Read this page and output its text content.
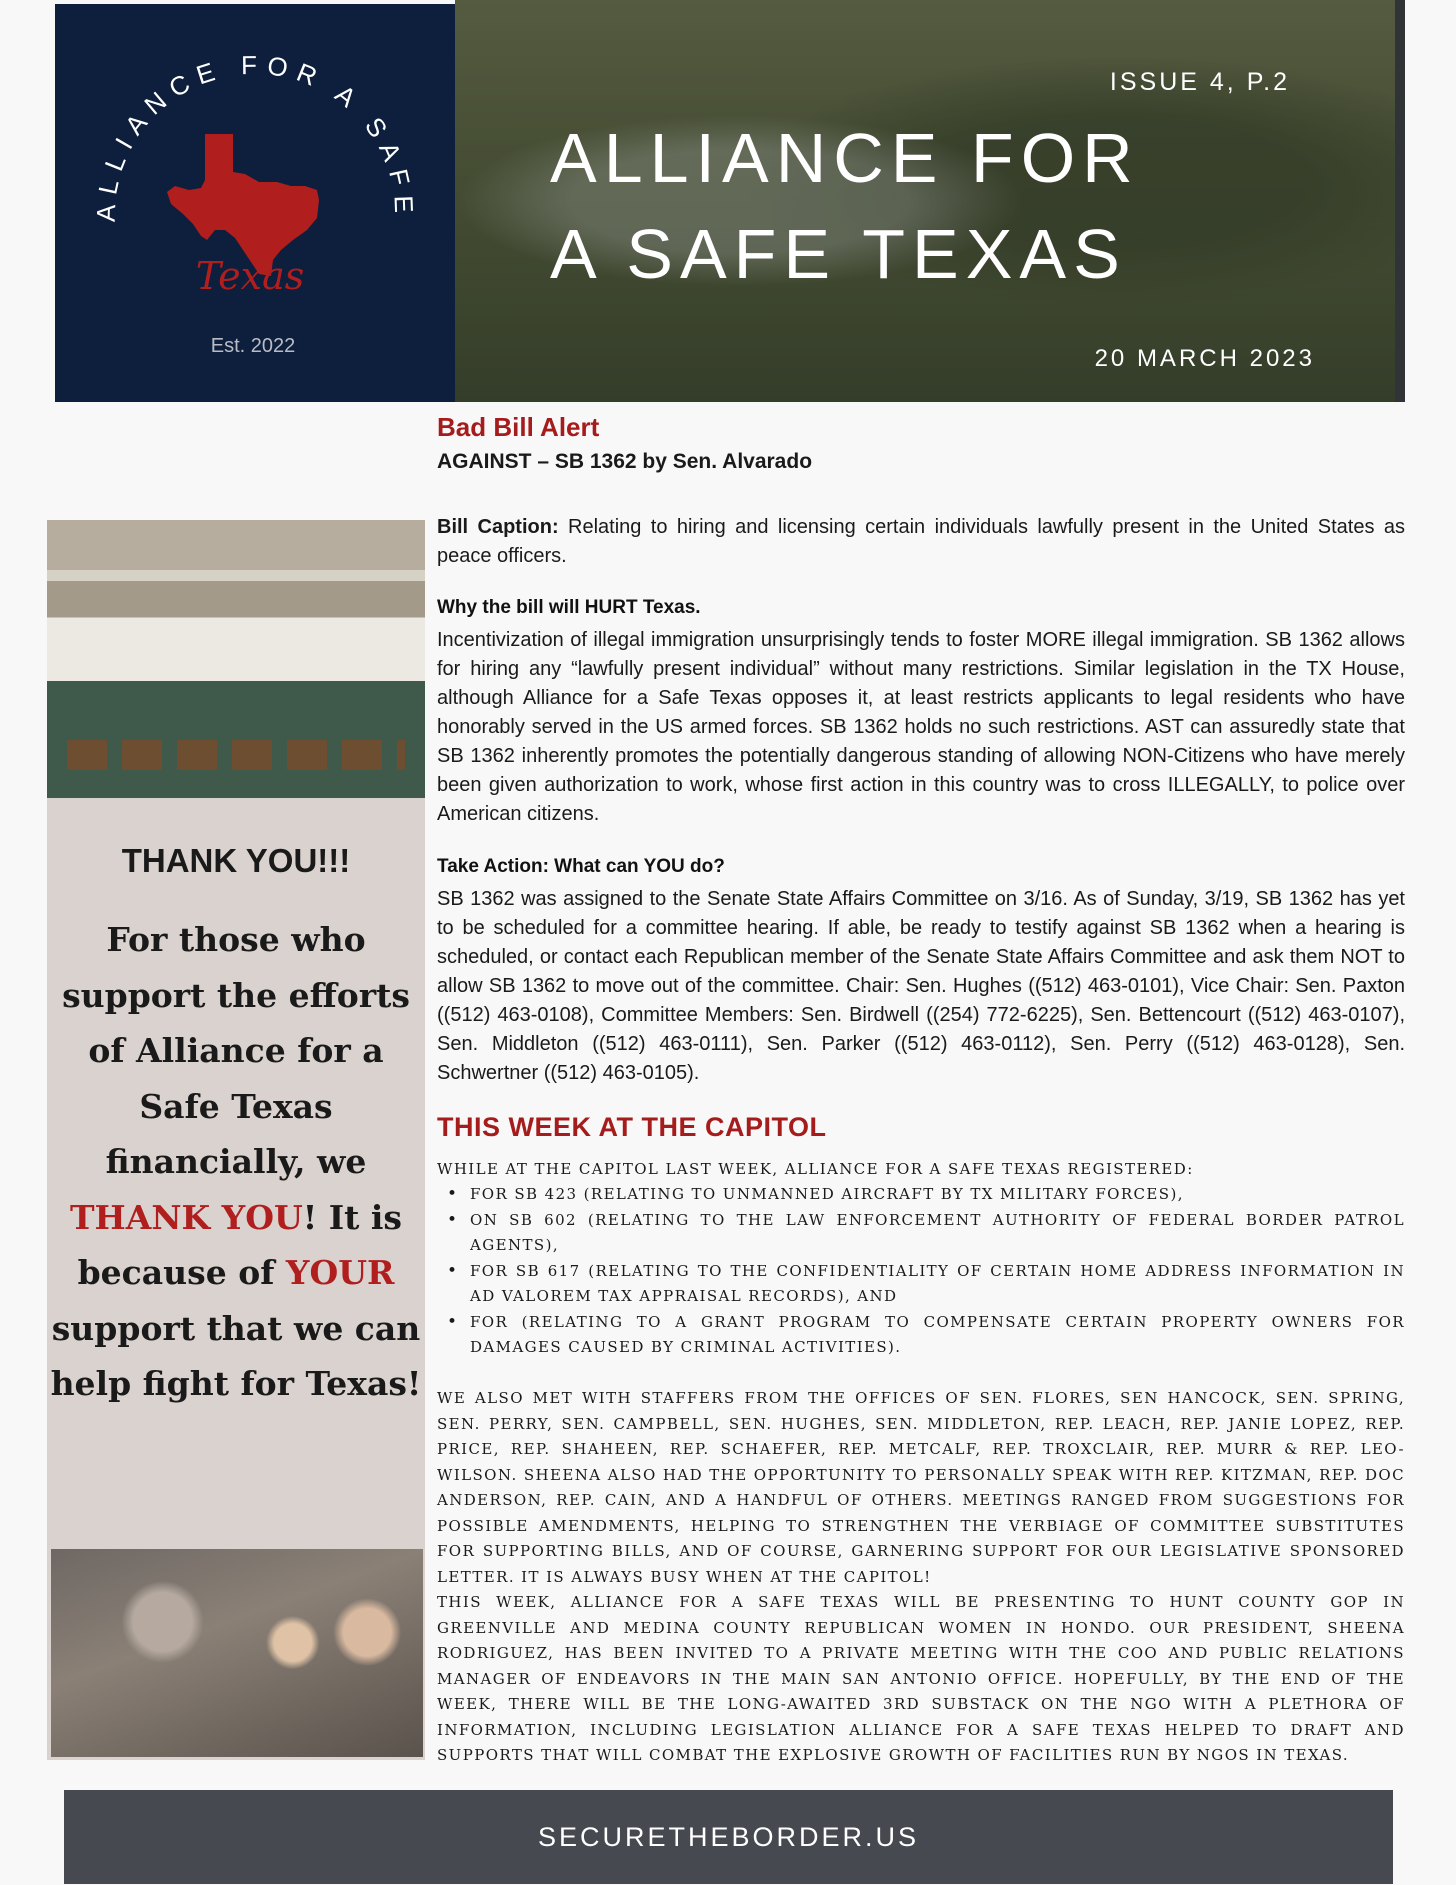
ALLIANCE FOR A SAFE
Texas
Est. 2022
ISSUE 4, P.2
ALLIANCE FOR
A SAFE TEXAS
20 MARCH 2023
THANK YOU!!!
For those who support the efforts of Alliance for a Safe Texas financially, we THANK YOU! It is because of YOUR support that we can help fight for Texas!
Bad Bill Alert
AGAINST – SB 1362 by Sen. Alvarado
Bill Caption: Relating to hiring and licensing certain individuals lawfully present in the United States as peace officers.
Why the bill will HURT Texas.
Incentivization of illegal immigration unsurprisingly tends to foster MORE illegal immigration. SB 1362 allows for hiring any “lawfully present individual” without many restrictions. Similar legislation in the TX House, although Alliance for a Safe Texas opposes it, at least restricts applicants to legal residents who have honorably served in the US armed forces. SB 1362 holds no such restrictions. AST can assuredly state that SB 1362 inherently promotes the potentially dangerous standing of allowing NON-Citizens who have merely been given authorization to work, whose first action in this country was to cross ILLEGALLY, to police over American citizens.
Take Action: What can YOU do?
SB 1362 was assigned to the Senate State Affairs Committee on 3/16. As of Sunday, 3/19, SB 1362 has yet to be scheduled for a committee hearing. If able, be ready to testify against SB 1362 when a hearing is scheduled, or contact each Republican member of the Senate State Affairs Committee and ask them NOT to allow SB 1362 to move out of the committee. Chair: Sen. Hughes ((512) 463-0101), Vice Chair: Sen. Paxton ((512) 463-0108), Committee Members: Sen. Birdwell ((254) 772-6225), Sen. Bettencourt ((512) 463-0107), Sen. Middleton ((512) 463-0111), Sen. Parker ((512) 463-0112), Sen. Perry ((512) 463-0128), Sen. Schwertner ((512) 463-0105).
THIS WEEK AT THE CAPITOL
WHILE AT THE CAPITOL LAST WEEK, ALLIANCE FOR A SAFE TEXAS REGISTERED:
• FOR SB 423 (RELATING TO UNMANNED AIRCRAFT BY TX MILITARY FORCES),
• ON SB 602 (RELATING TO THE LAW ENFORCEMENT AUTHORITY OF FEDERAL BORDER PATROL AGENTS),
• FOR SB 617 (RELATING TO THE CONFIDENTIALITY OF CERTAIN HOME ADDRESS INFORMATION IN AD VALOREM TAX APPRAISAL RECORDS), AND
• FOR (RELATING TO A GRANT PROGRAM TO COMPENSATE CERTAIN PROPERTY OWNERS FOR DAMAGES CAUSED BY CRIMINAL ACTIVITIES).
WE ALSO MET WITH STAFFERS FROM THE OFFICES OF SEN. FLORES, SEN HANCOCK, SEN. SPRING, SEN. PERRY, SEN. CAMPBELL, SEN. HUGHES, SEN. MIDDLETON, REP. LEACH, REP. JANIE LOPEZ, REP. PRICE, REP. SHAHEEN, REP. SCHAEFER, REP. METCALF, REP. TROXCLAIR, REP. MURR & REP. LEO-WILSON. SHEENA ALSO HAD THE OPPORTUNITY TO PERSONALLY SPEAK WITH REP. KITZMAN, REP. DOC ANDERSON, REP. CAIN, AND A HANDFUL OF OTHERS. MEETINGS RANGED FROM SUGGESTIONS FOR POSSIBLE AMENDMENTS, HELPING TO STRENGTHEN THE VERBIAGE OF COMMITTEE SUBSTITUTES FOR SUPPORTING BILLS, AND OF COURSE, GARNERING SUPPORT FOR OUR LEGISLATIVE SPONSORED LETTER. IT IS ALWAYS BUSY WHEN AT THE CAPITOL!
THIS WEEK, ALLIANCE FOR A SAFE TEXAS WILL BE PRESENTING TO HUNT COUNTY GOP IN GREENVILLE AND MEDINA COUNTY REPUBLICAN WOMEN IN HONDO. OUR PRESIDENT, SHEENA RODRIGUEZ, HAS BEEN INVITED TO A PRIVATE MEETING WITH THE COO AND PUBLIC RELATIONS MANAGER OF ENDEAVORS IN THE MAIN SAN ANTONIO OFFICE. HOPEFULLY, BY THE END OF THE WEEK, THERE WILL BE THE LONG-AWAITED 3RD SUBSTACK ON THE NGO WITH A PLETHORA OF INFORMATION, INCLUDING LEGISLATION ALLIANCE FOR A SAFE TEXAS HELPED TO DRAFT AND SUPPORTS THAT WILL COMBAT THE EXPLOSIVE GROWTH OF FACILITIES RUN BY NGOS IN TEXAS.
SECURETHEBORDER.US
